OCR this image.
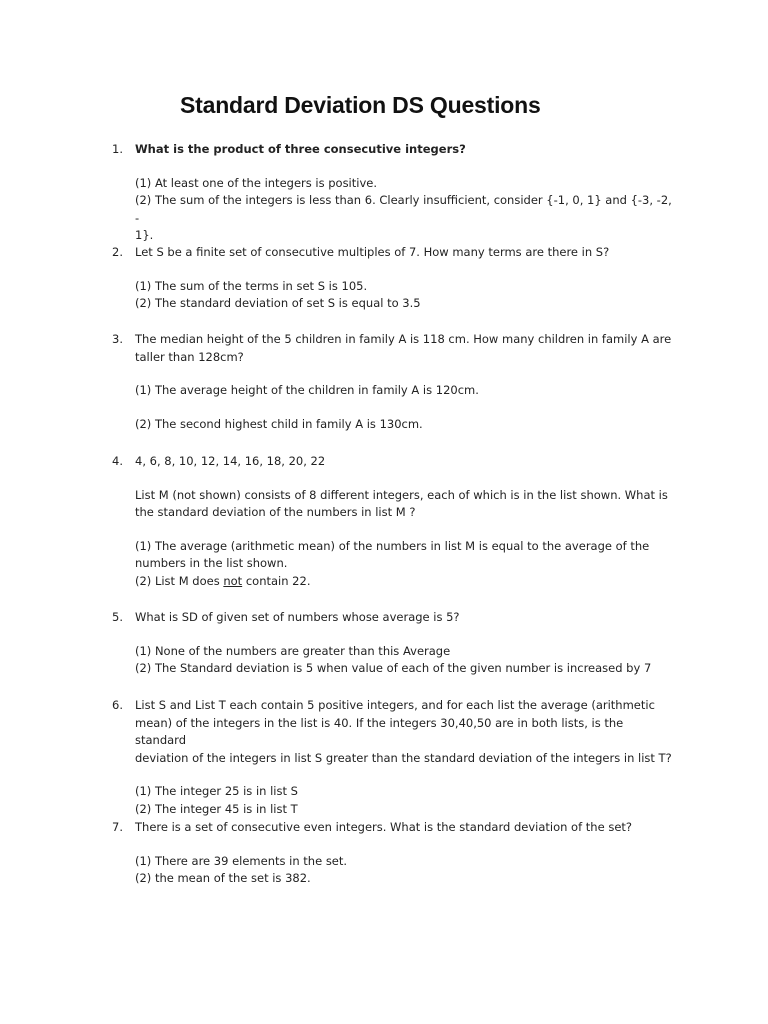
Standard Deviation DS Questions
1.	What is the product of three consecutive integers?
(1) At least one of the integers is positive.
(2) The sum of the integers is less than 6. Clearly insufficient, consider {-1, 0, 1} and {-3, -2, -
1}.
2.	Let S be a finite set of consecutive multiples of 7. How many terms are there in S?
(1) The sum of the terms in set S is 105.
(2) The standard deviation of set S is equal to 3.5
3.	The median height of the 5 children in family A is 118 cm. How many children in family A are
taller than 128cm?
(1) The average height of the children in family A is 120cm.
(2) The second highest child in family A is 130cm.
4.	4, 6, 8, 10, 12, 14, 16, 18, 20, 22
List M (not shown) consists of 8 different integers, each of which is in the list shown. What is
the standard deviation of the numbers in list M ?
(1) The average (arithmetic mean) of the numbers in list M is equal to the average of the
numbers in the list shown.
(2) List M does not contain 22.
5.	What is SD of given set of numbers whose average is 5?
(1) None of the numbers are greater than this Average
(2) The Standard deviation is 5 when value of each of the given number is increased by 7
6.	List S and List T each contain 5 positive integers, and for each list the average (arithmetic
mean) of the integers in the list is 40. If the integers 30,40,50 are in both lists, is the standard
deviation of the integers in list S greater than the standard deviation of the integers in list T?
(1) The integer 25 is in list S
(2) The integer 45 is in list T
7.	There is a set of consecutive even integers. What is the standard deviation of the set?
(1) There are 39 elements in the set.
(2) the mean of the set is 382.
